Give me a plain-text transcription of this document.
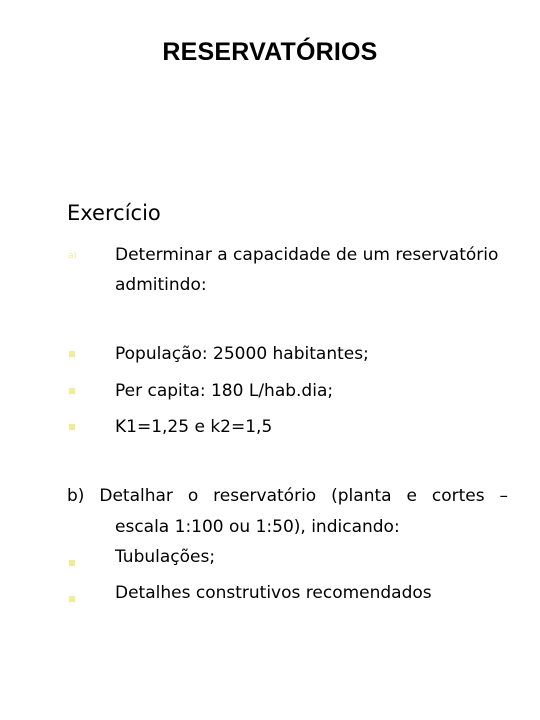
RESERVATÓRIOS
Exercício
a) Determinar a capacidade de um reservatório
admitindo:
População: 25000 habitantes;
Per capita: 180 L/hab.dia;
K1=1,25 e k2=1,5
b) Detalhar o reservatório (planta e cortes –
escala 1:100 ou 1:50), indicando:
Tubulações;
Detalhes construtivos recomendados
